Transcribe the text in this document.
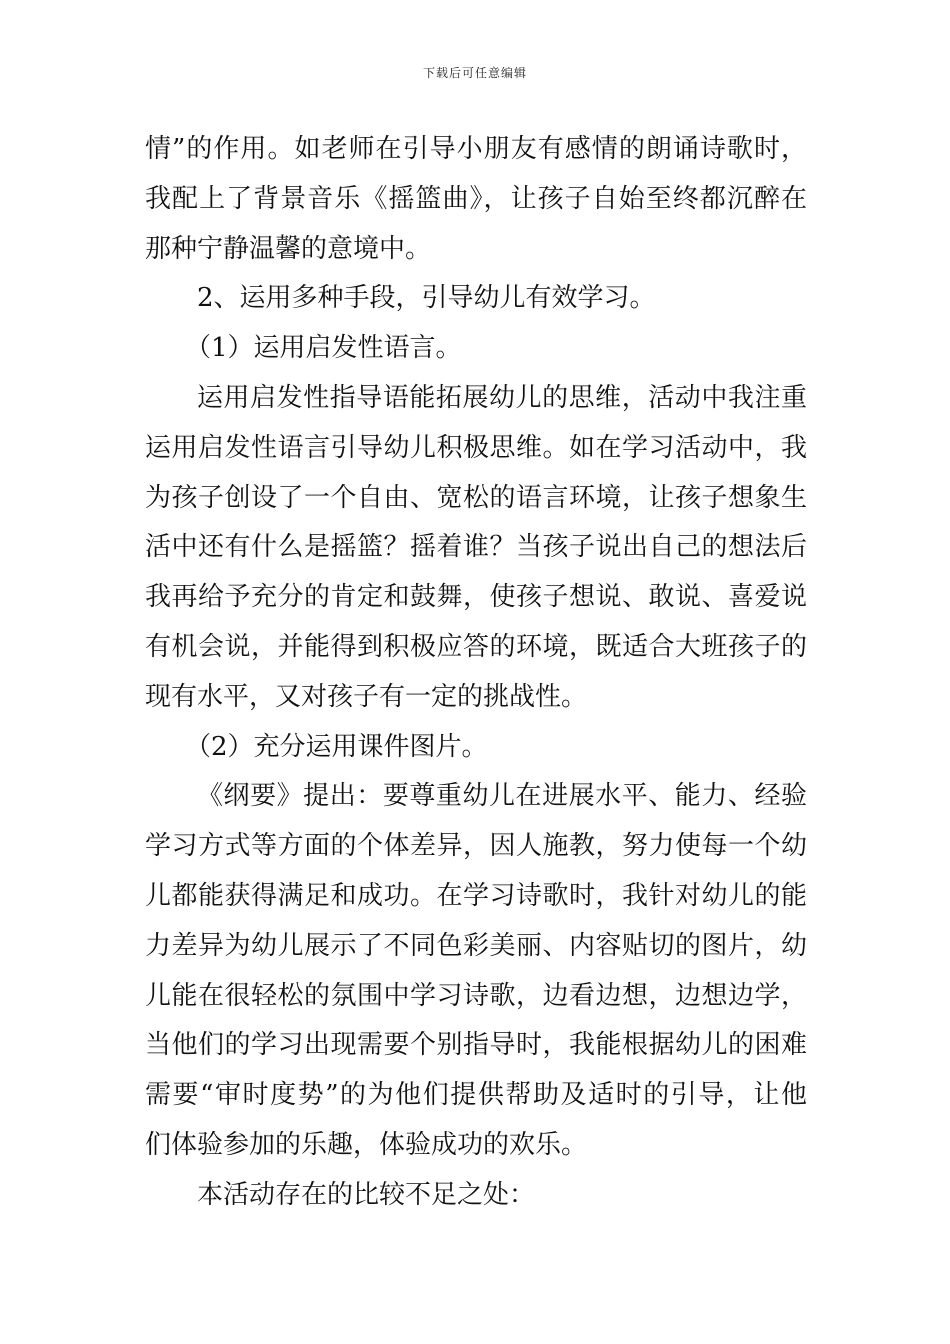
下载后可任意编辑
情”的作用。如老师在引导小朋友有感情的朗诵诗歌时，
我配上了背景音乐《摇篮曲》，让孩子自始至终都沉醉在
那种宁静温馨的意境中。
2、运用多种手段，引导幼儿有效学习。
（1）运用启发性语言。
运用启发性指导语能拓展幼儿的思维，活动中我注重
运用启发性语言引导幼儿积极思维。如在学习活动中，我
为孩子创设了一个自由、宽松的语言环境，让孩子想象生
活中还有什么是摇篮？摇着谁？当孩子说出自己的想法后
我再给予充分的肯定和鼓舞，使孩子想说、敢说、喜爱说
有机会说，并能得到积极应答的环境，既适合大班孩子的
现有水平，又对孩子有一定的挑战性。
（2）充分运用课件图片。
《纲要》提出：要尊重幼儿在进展水平、能力、经验
学习方式等方面的个体差异，因人施教，努力使每一个幼
儿都能获得满足和成功。在学习诗歌时，我针对幼儿的能
力差异为幼儿展示了不同色彩美丽、内容贴切的图片，幼
儿能在很轻松的氛围中学习诗歌，边看边想，边想边学，
当他们的学习出现需要个别指导时，我能根据幼儿的困难
需要“审时度势”的为他们提供帮助及适时的引导，让他
们体验参加的乐趣，体验成功的欢乐。
本活动存在的比较不足之处：
